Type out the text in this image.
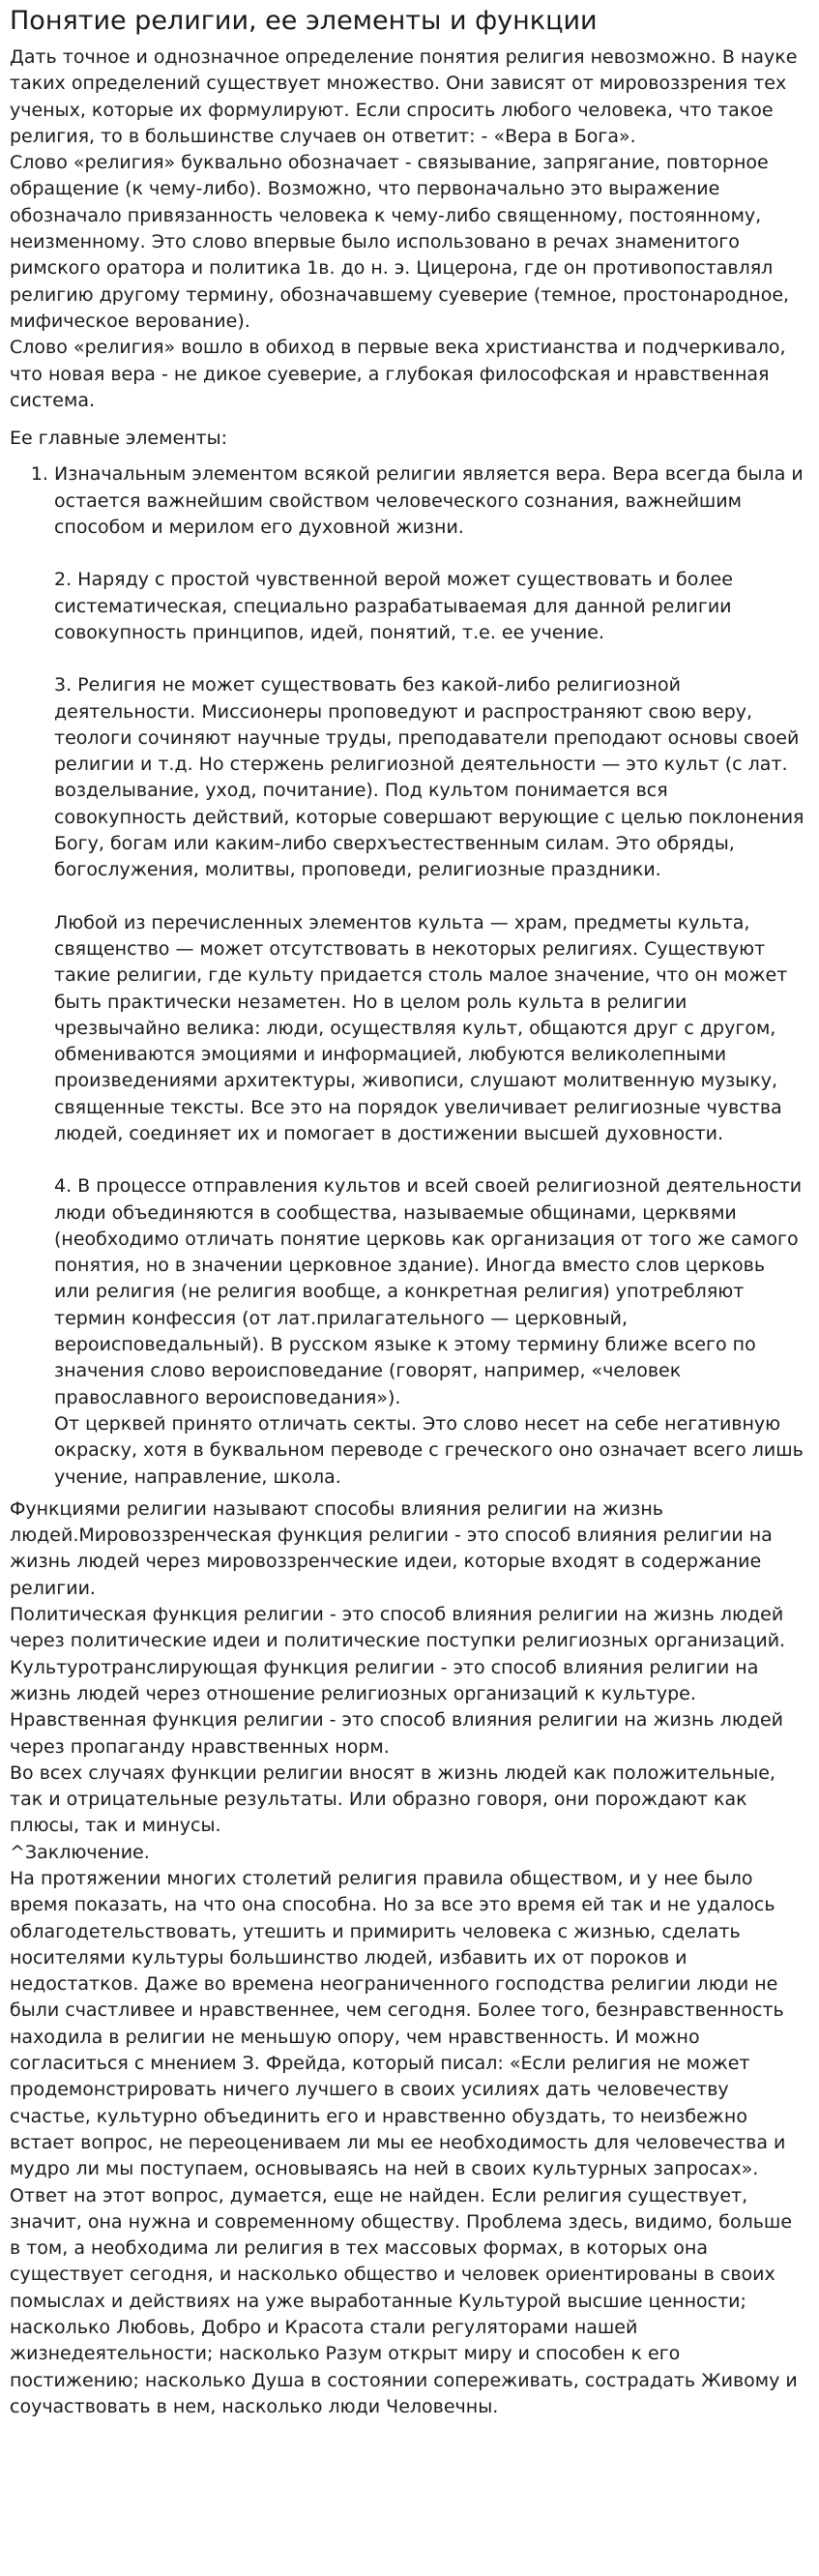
Понятие религии, ее элементы и функции

Дать точное и однозначное определение понятия религия невозможно. В науке таких определений существует множество. Они зависят от мировоззрения тех ученых, которые их формулируют. Если спросить любого человека, что такое религия, то в большинстве случаев он ответит: - «Вера в Бога».

Слово «религия» буквально обозначает - связывание, запрягание, повторное обращение (к чему-либо). Возможно, что первоначально это выражение обозначало привязанность человека к чему-либо священному, постоянному, неизменному. Это слово впервые было использовано в речах знаменитого римского оратора и политика 1в. до н. э. Цицерона, где он противопоставлял религию другому термину, обозначавшему суеверие (темное, простонародное, мифическое верование).

Слово «религия» вошло в обиход в первые века христианства и подчеркивало, что новая вера - не дикое суеверие, а глубокая философская и нравственная система.

Ее главные элементы:

1. Изначальным элементом всякой религии является вера. Вера всегда была и остается важнейшим свойством человеческого сознания, важнейшим способом и мерилом его духовной жизни.

2. Наряду с простой чувственной верой может существовать и более систематическая, специально разрабатываемая для данной религии совокупность принципов, идей, понятий, т.е. ее учение.

3. Религия не может существовать без какой-либо религиозной деятельности. Миссионеры проповедуют и распространяют свою веру, теологи сочиняют научные труды, преподаватели преподают основы своей религии и т.д. Но стержень религиозной деятельности — это культ (с лат. возделывание, уход, почитание). Под культом понимается вся совокупность действий, которые совершают верующие с целью поклонения Богу, богам или каким-либо сверхъестественным силам. Это обряды, богослужения, молитвы, проповеди, религиозные праздники.

Любой из перечисленных элементов культа — храм, предметы культа, священство — может отсутствовать в некоторых религиях. Существуют такие религии, где культу придается столь малое значение, что он может быть практически незаметен. Но в целом роль культа в религии чрезвычайно велика: люди, осуществляя культ, общаются друг с другом, обмениваются эмоциями и информацией, любуются великолепными произведениями архитектуры, живописи, слушают молитвенную музыку, священные тексты. Все это на порядок увеличивает религиозные чувства людей, соединяет их и помогает в достижении высшей духовности.

4. В процессе отправления культов и всей своей религиозной деятельности люди объединяются в сообщества, называемые общинами, церквями (необходимо отличать понятие церковь как организация от того же самого понятия, но в значении церковное здание). Иногда вместо слов церковь или религия (не религия вообще, а конкретная религия) употребляют термин конфессия (от лат.прилагательного — церковный, вероисповедальный). В русском языке к этому термину ближе всего по значения слово вероисповедание (говорят, например, «человек православного вероисповедания»).

От церквей принято отличать секты. Это слово несет на себе негативную окраску, хотя в буквальном переводе с греческого оно означает всего лишь учение, направление, школа.

Функциями религии называют способы влияния религии на жизнь людей.Мировоззренческая функция религии - это способ влияния религии на жизнь людей через мировоззренческие идеи, которые входят в содержание религии.

Политическая функция религии - это способ влияния религии на жизнь людей через политические идеи и политические поступки религиозных организаций.

Культуротранслирующая функция религии - это способ влияния религии на жизнь людей через отношение религиозных организаций к культуре.

Нравственная функция религии - это способ влияния религии на жизнь людей через пропаганду нравственных норм.

Во всех случаях функции религии вносят в жизнь людей как положительные, так и отрицательные результаты. Или образно говоря, они порождают как плюсы, так и минусы.

^Заключение.

На протяжении многих столетий религия правила обществом, и у нее было время показать, на что она способна. Но за все это время ей так и не удалось облагодетельствовать, утешить и примирить человека с жизнью, сделать носителями культуры большинство людей, избавить их от пороков и недостатков. Даже во времена неограниченного господства религии люди не были счастливее и нравственнее, чем сегодня. Более того, безнравственность находила в религии не меньшую опору, чем нравственность. И можно согласиться с мнением З. Фрейда, который писал: «Если религия не может продемонстрировать ничего лучшего в своих усилиях дать человечеству счастье, культурно объединить его и нравственно обуздать, то неизбежно встает вопрос, не переоцениваем ли мы ее необходимость для человечества и мудро ли мы поступаем, основываясь на ней в своих культурных запросах».

Ответ на этот вопрос, думается, еще не найден. Если религия существует, значит, она нужна и современному обществу. Проблема здесь, видимо, больше в том, а необходима ли религия в тех массовых формах, в которых она существует сегодня, и насколько общество и человек ориентированы в своих помыслах и действиях на уже выработанные Культурой высшие ценности; насколько Любовь, Добро и Красота стали регуляторами нашей жизнедеятельности; насколько Разум открыт миру и способен к его постижению; насколько Душа в состоянии сопереживать, сострадать Живому и соучаствовать в нем, насколько люди Человечны.
